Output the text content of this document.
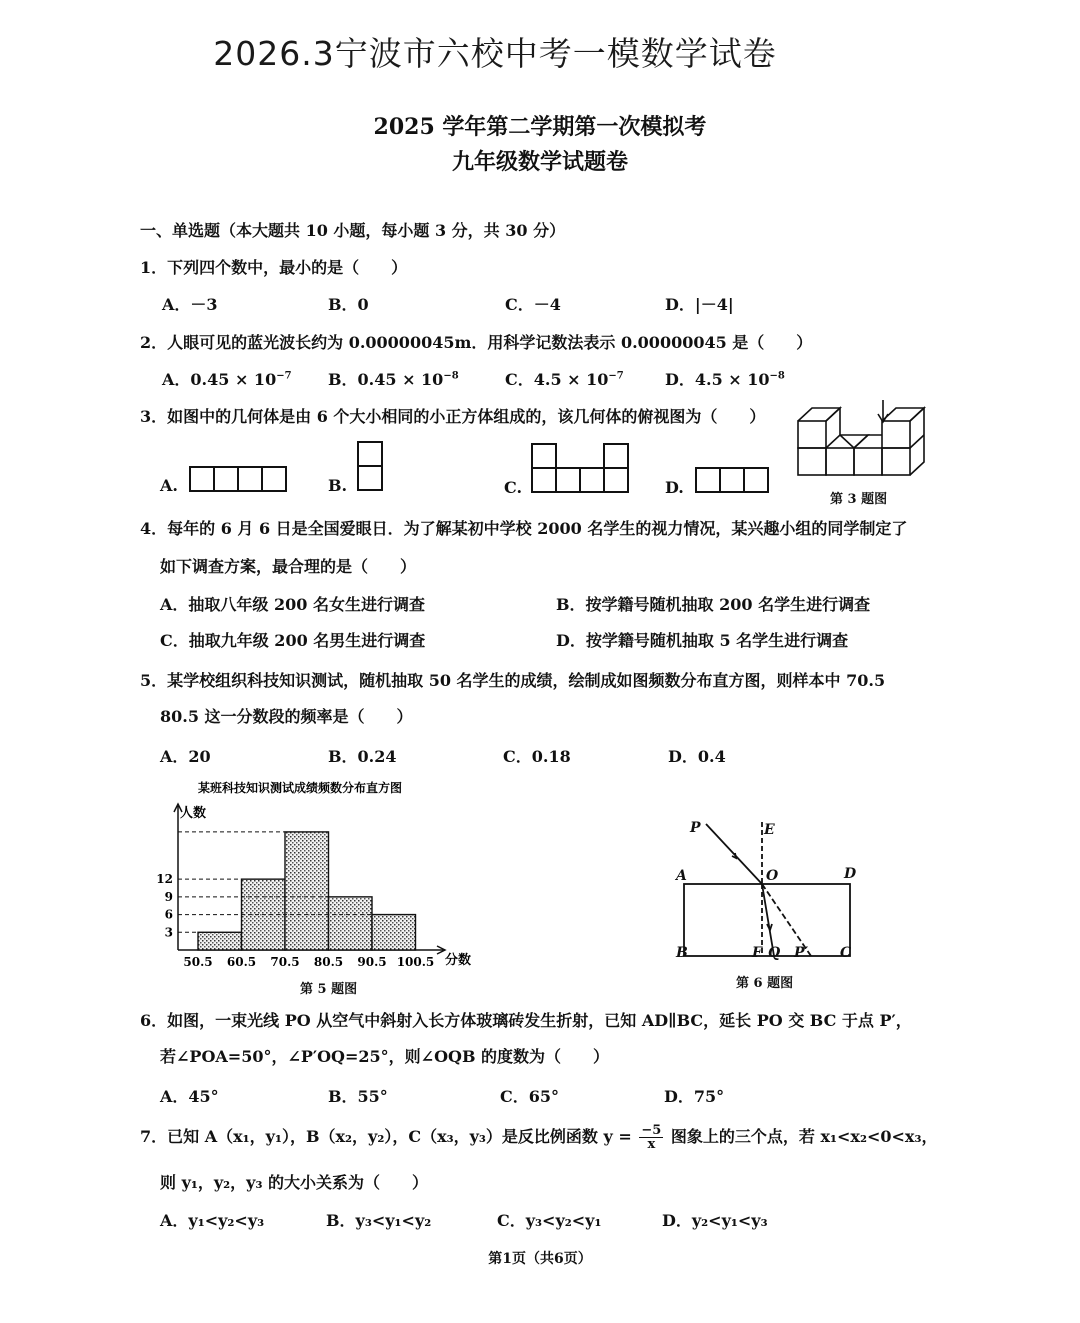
2026.3宁波市六校中考一模数学试卷
2025 学年第二学期第一次模拟考
九年级数学试题卷
一、单选题（本大题共 10 小题，每小题 3 分，共 30 分）
1．下列四个数中，最小的是（　　）
A．－3	B．0	C．－4	D．|－4|
2．人眼可见的蓝光波长约为 0.00000045m．用科学记数法表示 0.00000045 是（　　）
A．$0.45 \times 10^{-7}$ B．$0.45 \times 10^{-8}$	C．$4.5 \times 10^{-7}$	D．$4.5 \times 10^{-8}$
3．如图中的几何体是由 6 个大小相同的小正方体组成的，该几何体的俯视图为（　　）
A.	B.	C.	D.
第 3 题图
4．每年的 6 月 6 日是全国爱眼日．为了解某初中学校 2000 名学生的视力情况，某兴趣小组的同学制定了
如下调查方案，最合理的是（　　）
A．抽取八年级 200 名女生进行调查	B．按学籍号随机抽取 200 名学生进行调查
C．抽取九年级 200 名男生进行调查	D．按学籍号随机抽取 5 名学生进行调查
5．某学校组织科技知识测试，随机抽取 50 名学生的成绩，绘制成如图频数分布直方图，则样本中 70.5
80.5 这一分数段的频率是（　　）
A．20	B．0.24	C．0.18	D．0.4
某班科技知识测试成绩频数分布直方图
人数
分数
3
6
9
12
50.5 60.5 70.5 80.5 90.5 100.5
第 5 题图
P	E
A	O	D
B	F Q P′ C
第 6 题图
6．如图，一束光线 PO 从空气中斜射入长方体玻璃砖发生折射，已知 AD∥BC，延长 PO 交 BC 于点 P′，
若∠POA=50°，∠P′OQ=25°，则∠OQB 的度数为（　　）
A．45°	B．55°	C．65°	D．75°
7．已知 A（x₁，y₁），B（x₂，y₂），C（x₃，y₃）是反比例函数 $y = \frac{-5}{x}$ 图象上的三个点，若 x₁<x₂<0<x₃，
则 y₁，y₂，y₃ 的大小关系为（　　）
A．y₁<y₂<y₃	B．y₃<y₁<y₂	C．y₃<y₂<y₁	D．y₂<y₁<y₃
第1页（共6页）
